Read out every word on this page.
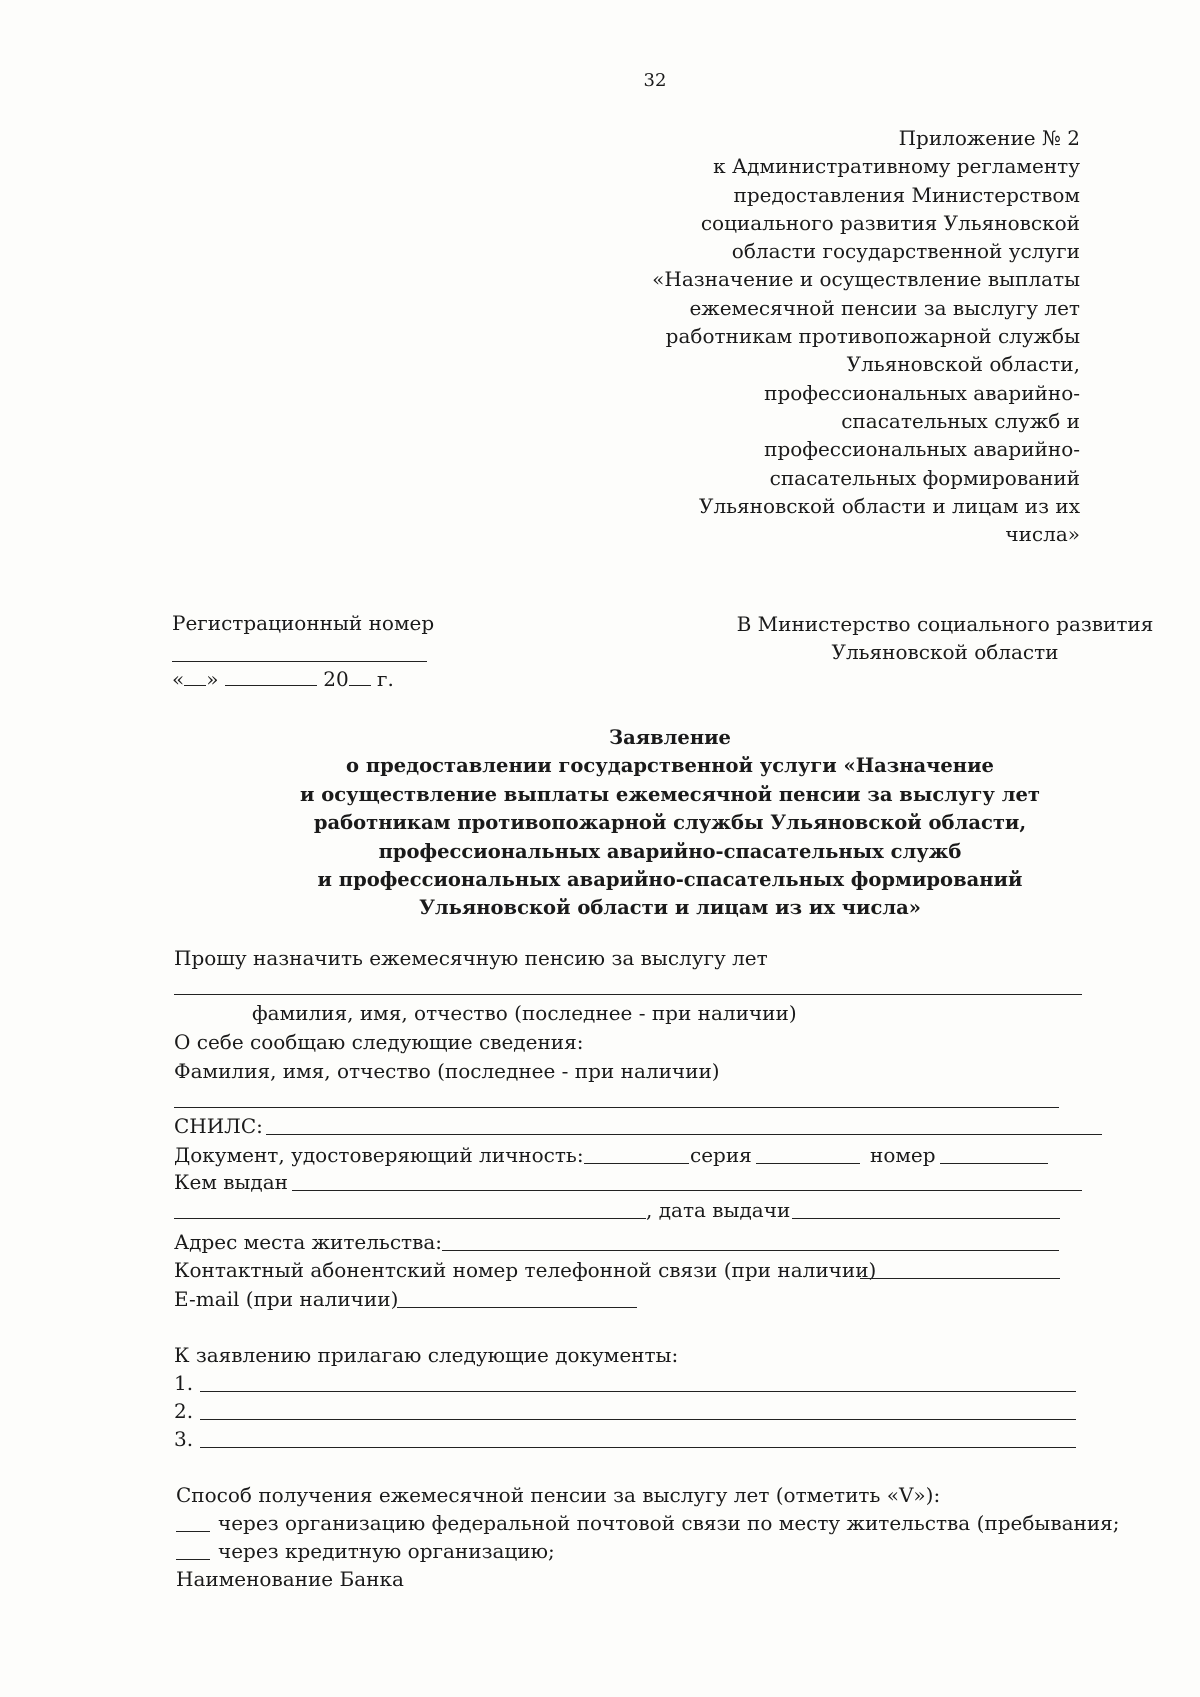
32
Приложение № 2
к Административному регламенту
предоставления Министерством
социального развития Ульяновской
области государственной услуги
«Назначение и осуществление выплаты
ежемесячной пенсии за выслугу лет
работникам противопожарной службы
Ульяновской области,
профессиональных аварийно-
спасательных служб и
профессиональных аварийно-
спасательных формирований
Ульяновской области и лицам из их
числа»
Регистрационный номер
« »	20 г.
В Министерство социального развития
Ульяновской области
Заявление
о предоставлении государственной услуги «Назначение
и осуществление выплаты ежемесячной пенсии за выслугу лет
работникам противопожарной службы Ульяновской области,
профессиональных аварийно-спасательных служб
и профессиональных аварийно-спасательных формирований
Ульяновской области и лицам из их числа»
Прошу назначить ежемесячную пенсию за выслугу лет
фамилия, имя, отчество (последнее - при наличии)
О себе сообщаю следующие сведения:
Фамилия, имя, отчество (последнее - при наличии)
СНИЛС:
Документ, удостоверяющий личность:	серия	номер
Кем выдан
, дата выдачи
Адрес места жительства:
Контактный абонентский номер телефонной связи (при наличии)
E-mail (при наличии)
К заявлению прилагаю следующие документы:
1.
2.
3.
Способ получения ежемесячной пенсии за выслугу лет (отметить «V»):
через организацию федеральной почтовой связи по месту жительства (пребывания;
через кредитную организацию;
Наименование Банка
